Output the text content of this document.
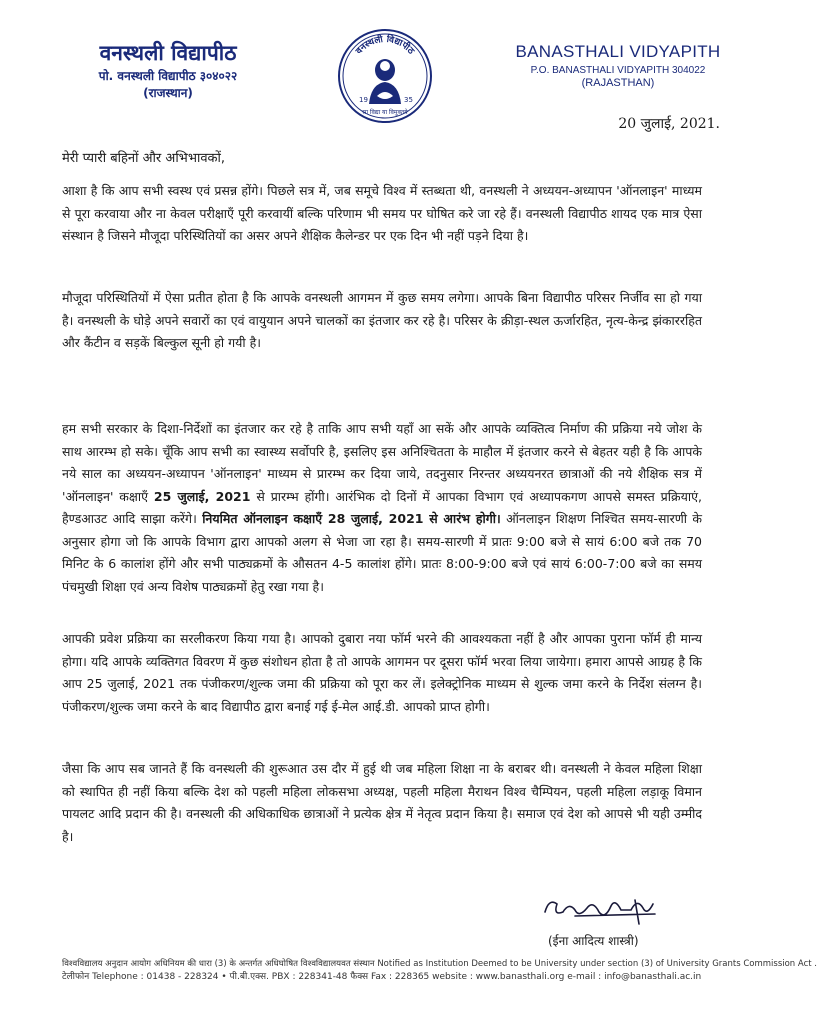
वनस्थली विद्यापीठ
पो. वनस्थली विद्यापीठ ३०४०२२
(राजस्थान)
वनस्थली विद्यापीठ
19	35
सा विद्या या विमुक्तये
BANASTHALI VIDYAPITH
P.O. BANASTHALI VIDYAPITH 304022
(RAJASTHAN)
20 जुलाई, 2021.
मेरी प्यारी बहिनों और अभिभावकों,
आशा है कि आप सभी स्वस्थ एवं प्रसन्न होंगे। पिछले सत्र में, जब समूचे विश्व में स्तब्धता थी, वनस्थली ने अध्ययन-अध्यापन 'ऑनलाइन' माध्यम से पूरा करवाया और ना केवल परीक्षाएँ पूरी करवायीं बल्कि परिणाम भी समय पर घोषित करे जा रहे हैं। वनस्थली विद्यापीठ शायद एक मात्र ऐसा संस्थान है जिसने मौजूदा परिस्थितियों का असर अपने शैक्षिक कैलेन्डर पर एक दिन भी नहीं पड़ने दिया है।
मौजूदा परिस्थितियों में ऐसा प्रतीत होता है कि आपके वनस्थली आगमन में कुछ समय लगेगा। आपके बिना विद्यापीठ परिसर निर्जीव सा हो गया है। वनस्थली के घोड़े अपने सवारों का एवं वायुयान अपने चालकों का इंतजार कर रहे है। परिसर के क्रीड़ा-स्थल ऊर्जारहित, नृत्य-केन्द्र झंकाररहित और कैंटीन व सड़कें बिल्कुल सूनी हो गयी है।
हम सभी सरकार के दिशा-निर्देशों का इंतजार कर रहे है ताकि आप सभी यहाँ आ सकें और आपके व्यक्तित्व निर्माण की प्रक्रिया नये जोश के साथ आरम्भ हो सके। चूँकि आप सभी का स्वास्थ्य सर्वोपरि है, इसलिए इस अनिश्चितता के माहौल में इंतजार करने से बेहतर यही है कि आपके नये साल का अध्ययन-अध्यापन 'ऑनलाइन' माध्यम से प्रारम्भ कर दिया जाये, तदनुसार निरन्तर अध्ययनरत छात्राओं की नये शैक्षिक सत्र में 'ऑनलाइन' कक्षाएँ 25 जुलाई, 2021 से प्रारम्भ होंगी। आरंभिक दो दिनों में आपका विभाग एवं अध्यापकगण आपसे समस्त प्रक्रियाएं, हैण्डआउट आदि साझा करेंगे। नियमित ऑनलाइन कक्षाएँ 28 जुलाई, 2021 से आरंभ होगी। ऑनलाइन शिक्षण निश्चित समय-सारणी के अनुसार होगा जो कि आपके विभाग द्वारा आपको अलग से भेजा जा रहा है। समय-सारणी में प्रातः 9:00 बजे से सायं 6:00 बजे तक 70 मिनिट के 6 कालांश होंगे और सभी पाठ्यक्रमों के औसतन 4-5 कालांश होंगे। प्रातः 8:00-9:00 बजे एवं सायं 6:00-7:00 बजे का समय पंचमुखी शिक्षा एवं अन्य विशेष पाठ्यक्रमों हेतु रखा गया है।
आपकी प्रवेश प्रक्रिया का सरलीकरण किया गया है। आपको दुबारा नया फॉर्म भरने की आवश्यकता नहीं है और आपका पुराना फॉर्म ही मान्य होगा। यदि आपके व्यक्तिगत विवरण में कुछ संशोधन होता है तो आपके आगमन पर दूसरा फॉर्म भरवा लिया जायेगा। हमारा आपसे आग्रह है कि आप 25 जुलाई, 2021 तक पंजीकरण/शुल्क जमा की प्रक्रिया को पूरा कर लें। इलेक्ट्रोनिक माध्यम से शुल्क जमा करने के निर्देश संलग्न है। पंजीकरण/शुल्क जमा करने के बाद विद्यापीठ द्वारा बनाई गई ई-मेल आई.डी. आपको प्राप्त होगी।
जैसा कि आप सब जानते हैं कि वनस्थली की शुरूआत उस दौर में हुई थी जब महिला शिक्षा ना के बराबर थी। वनस्थली ने केवल महिला शिक्षा को स्थापित ही नहीं किया बल्कि देश को पहली महिला लोकसभा अध्यक्ष, पहली महिला मैराथन विश्व चैम्पियन, पहली महिला लड़ाकू विमान पायलट आदि प्रदान की है। वनस्थली की अधिकाधिक छात्राओं ने प्रत्येक क्षेत्र में नेतृत्व प्रदान किया है। समाज एवं देश को आपसे भी यही उम्मीद है।
(ईना आदित्य शास्त्री)
विश्वविद्यालय अनुदान आयोग अधिनियम की धारा (3) के अन्तर्गत अधिघोषित विश्वविद्यालयवत संस्थान Notified as Institution Deemed to be University under section (3) of University Grants Commission Act .
टेलीफोन Telephone : 01438 - 228324 • पी.बी.एक्स. PBX : 228341-48 फैक्स Fax : 228365 website : www.banasthali.org e-mail : info@banasthali.ac.in
